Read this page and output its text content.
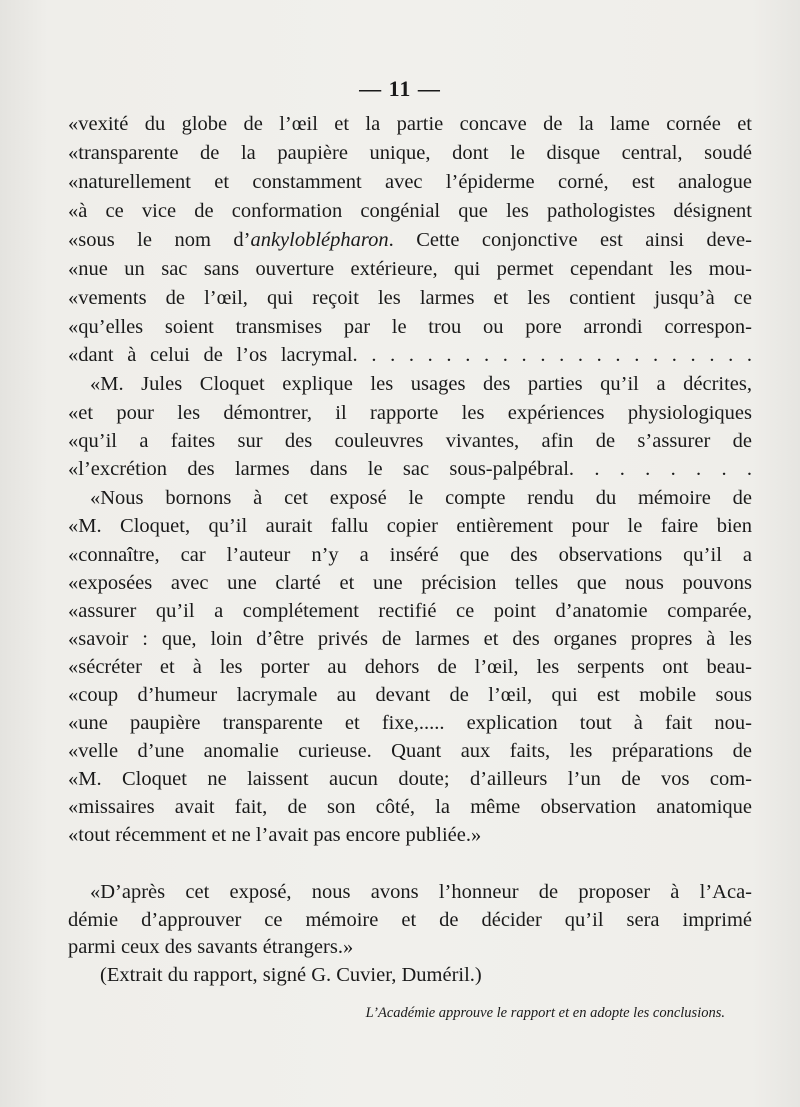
— 11 —
«vexité du globe de l’œil et la partie concave de la lame cornée et
«transparente de la paupière unique, dont le disque central, soudé
«naturellement et constamment avec l’épiderme corné, est analogue
«à ce vice de conformation congénial que les pathologistes désignent
«sous le nom d’ankyloblépharon. Cette conjonctive est ainsi deve-
«nue un sac sans ouverture extérieure, qui permet cependant les mou-
«vements de l’œil, qui reçoit les larmes et les contient jusqu’à ce
«qu’elles soient transmises par le trou ou pore arrondi correspon-
«dant à celui de l’os lacrymal. . . . . . . . . . . . . . . . . . . . . .
«M. Jules Cloquet explique les usages des parties qu’il a décrites,
«et pour les démontrer, il rapporte les expériences physiologiques
«qu’il a faites sur des couleuvres vivantes, afin de s’assurer de
«l’excrétion des larmes dans le sac sous-palpébral. . . . . . . .
«Nous bornons à cet exposé le compte rendu du mémoire de
«M. Cloquet, qu’il aurait fallu copier entièrement pour le faire bien
«connaître, car l’auteur n’y a inséré que des observations qu’il a
«exposées avec une clarté et une précision telles que nous pouvons
«assurer qu’il a complétement rectifié ce point d’anatomie comparée,
«savoir : que, loin d’être privés de larmes et des organes propres à les
«sécréter et à les porter au dehors de l’œil, les serpents ont beau-
«coup d’humeur lacrymale au devant de l’œil, qui est mobile sous
«une paupière transparente et fixe,..... explication tout à fait nou-
«velle d’une anomalie curieuse. Quant aux faits, les préparations de
«M. Cloquet ne laissent aucun doute; d’ailleurs l’un de vos com-
«missaires avait fait, de son côté, la même observation anatomique
«tout récemment et ne l’avait pas encore publiée.»
«D’après cet exposé, nous avons l’honneur de proposer à l’Aca-
démie d’approuver ce mémoire et de décider qu’il sera imprimé
parmi ceux des savants étrangers.»
(Extrait du rapport, signé G. Cuvier, Duméril.)
L’Académie approuve le rapport et en adopte les conclusions.
